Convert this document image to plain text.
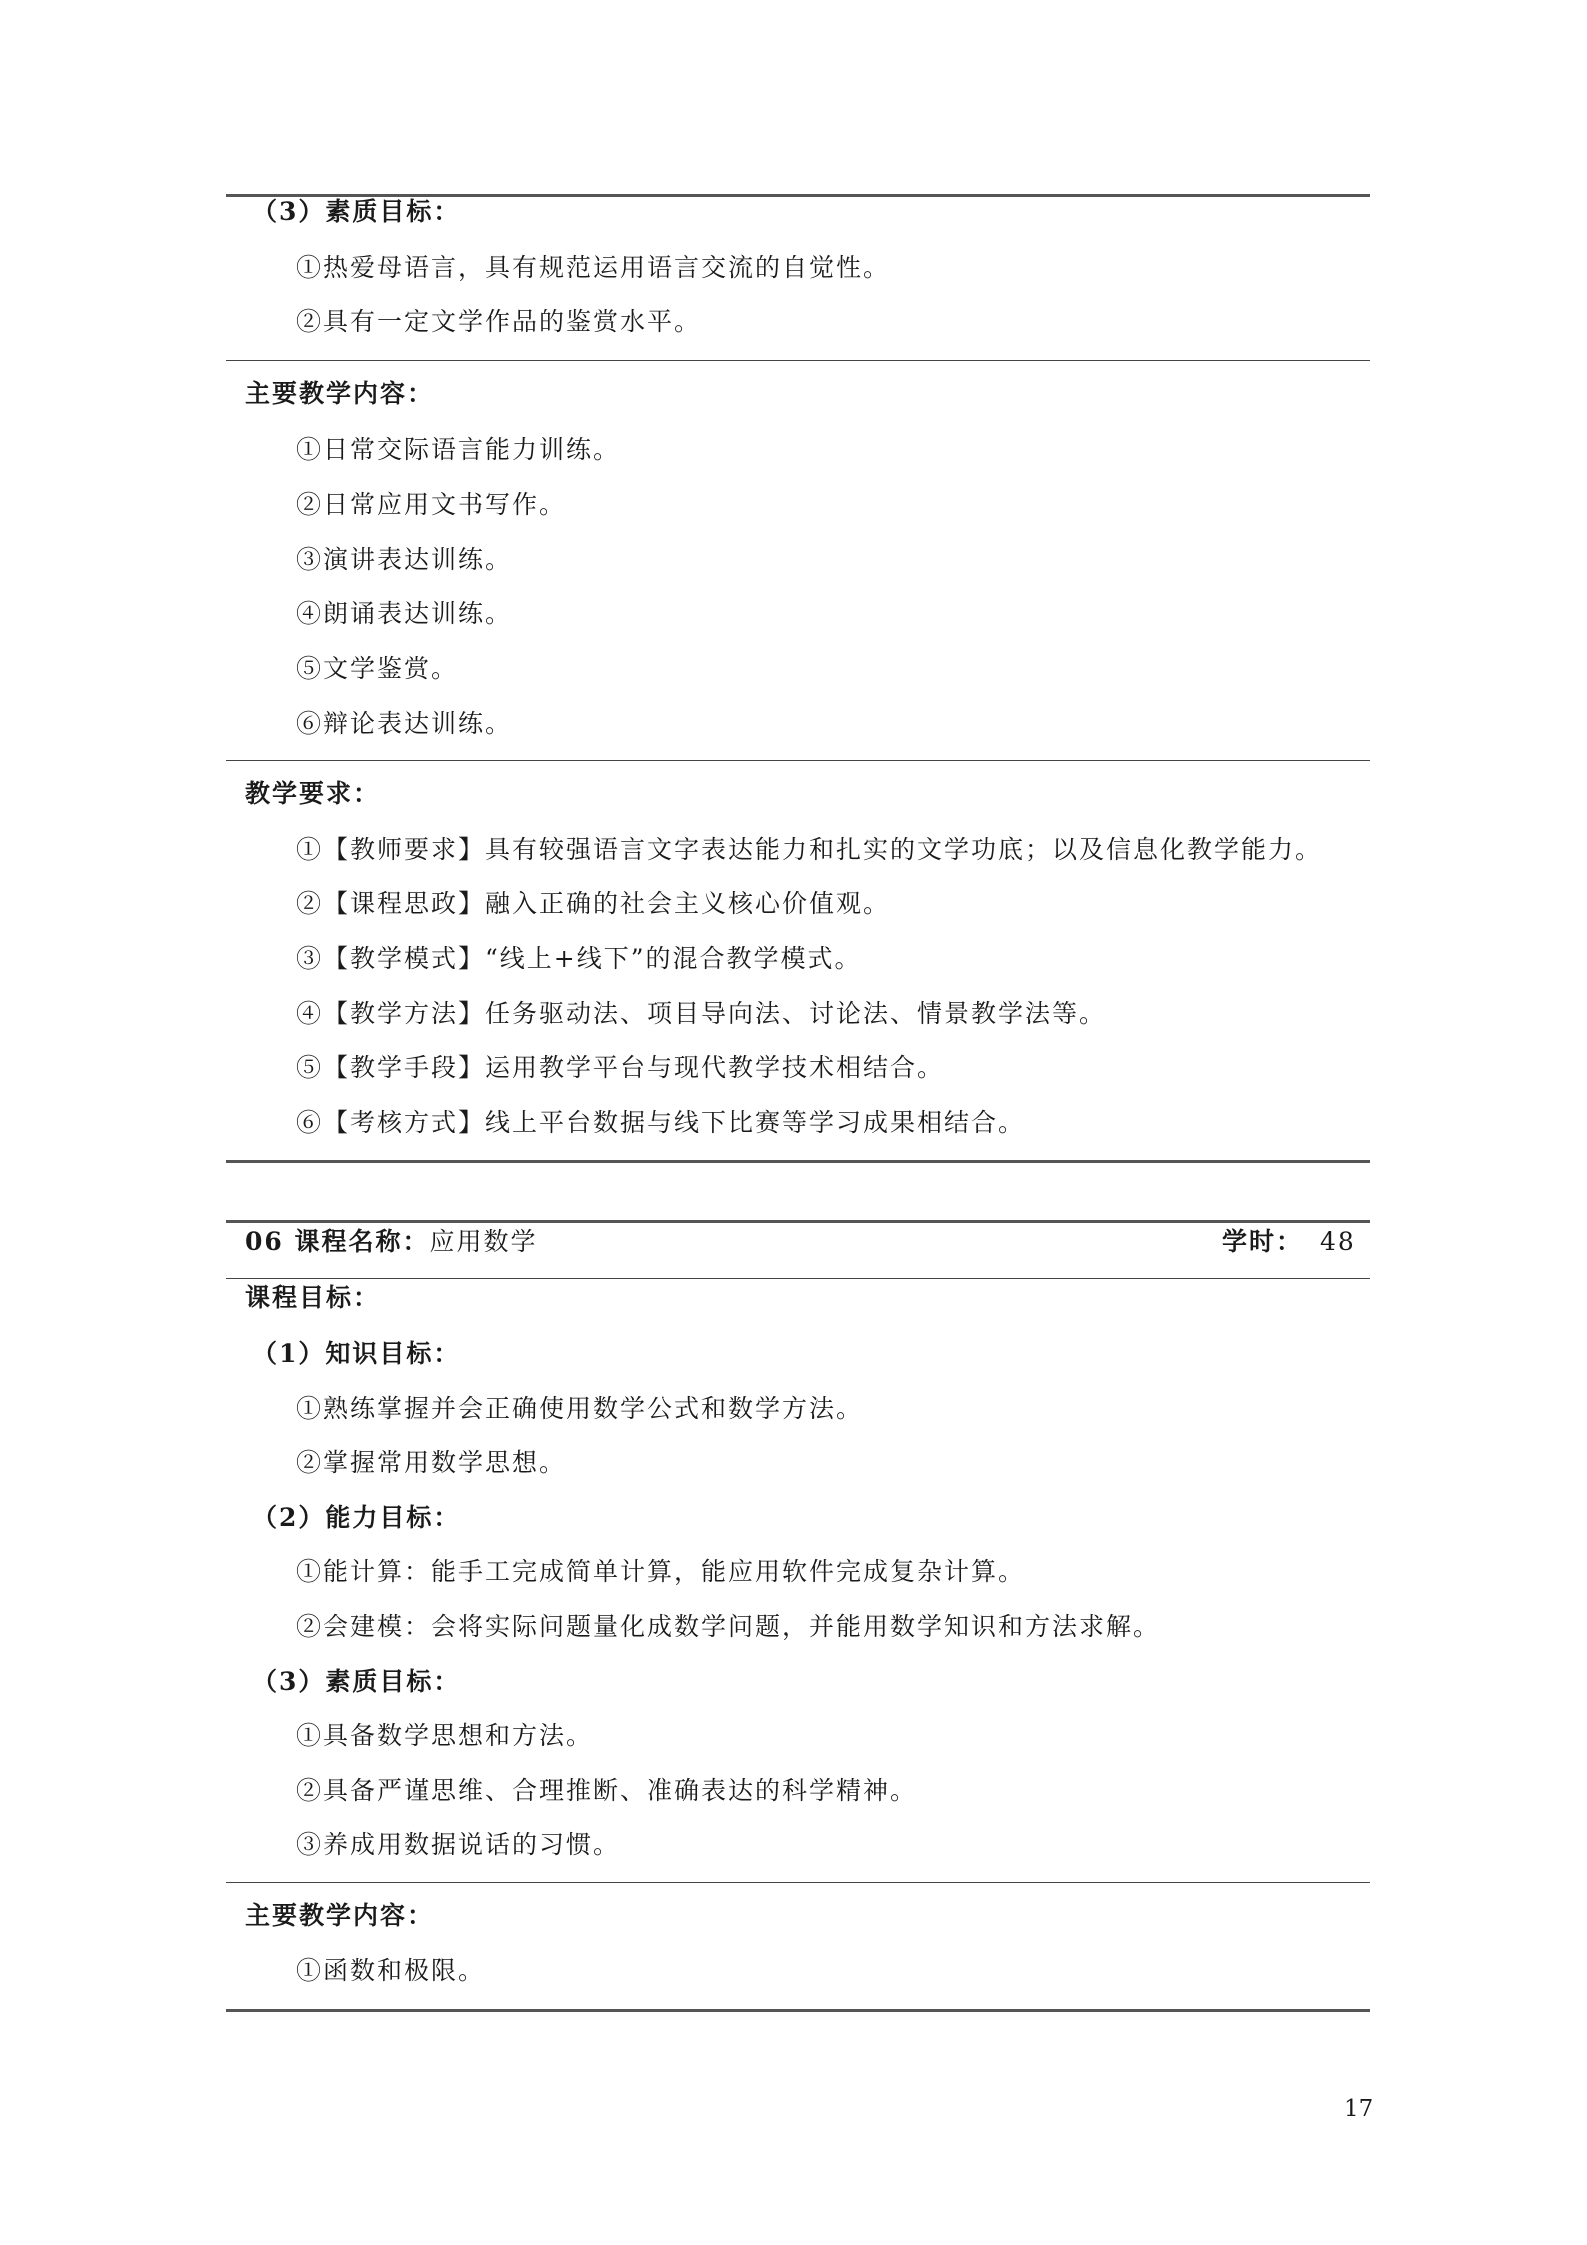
（3）素质目标：
①热爱母语言，具有规范运用语言交流的自觉性。
②具有一定文学作品的鉴赏水平。
主要教学内容：
①日常交际语言能力训练。
②日常应用文书写作。
③演讲表达训练。
④朗诵表达训练。
⑤文学鉴赏。
⑥辩论表达训练。
教学要求：
①【教师要求】具有较强语言文字表达能力和扎实的文学功底；以及信息化教学能力。
②【课程思政】融入正确的社会主义核心价值观。
③【教学模式】“线上+线下”的混合教学模式。
④【教学方法】任务驱动法、项目导向法、讨论法、情景教学法等。
⑤【教学手段】运用教学平台与现代教学技术相结合。
⑥【考核方式】线上平台数据与线下比赛等学习成果相结合。
06 课程名称：应用数学	学时： 48
课程目标：
（1）知识目标：
①熟练掌握并会正确使用数学公式和数学方法。
②掌握常用数学思想。
（2）能力目标：
①能计算：能手工完成简单计算，能应用软件完成复杂计算。
②会建模：会将实际问题量化成数学问题，并能用数学知识和方法求解。
（3）素质目标：
①具备数学思想和方法。
②具备严谨思维、合理推断、准确表达的科学精神。
③养成用数据说话的习惯。
主要教学内容：
①函数和极限。
17
